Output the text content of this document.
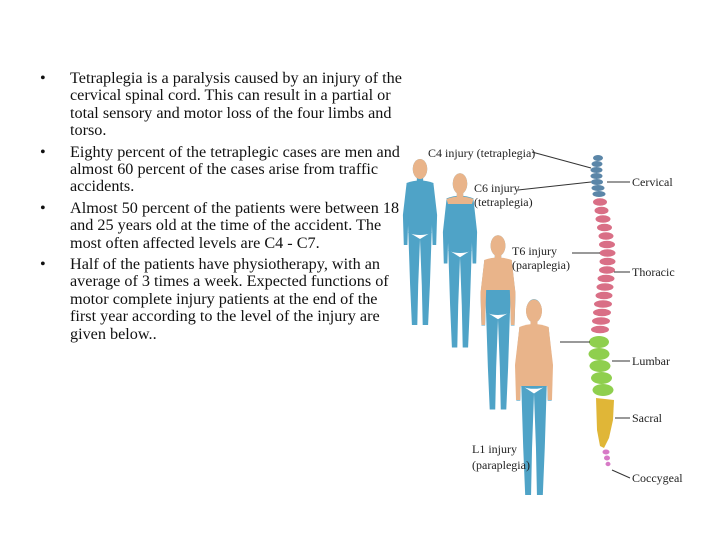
• Tetraplegia is a paralysis caused by an injury of the cervical spinal cord. This can result in a partial or total sensory and motor loss of the four limbs and torso.
• Eighty percent of the tetraplegic cases are men and almost 60 percent of the cases arise from traffic accidents.
• Almost 50 percent of the patients were between 18 and 25 years old at the time of the accident. The most often affected levels are C4 - C7.
• Half of the patients have physiotherapy, with an average of 3 times a week. Expected functions of motor complete injury patients at the end of the first year according to the level of the injury are given below..
C4 injury (tetraplegia)
C6 injury
(tetraplegia)
T6 injury
(paraplegia)
L1 injury
(paraplegia)
Cervical
Thoracic
Lumbar
Sacral
Coccygeal
